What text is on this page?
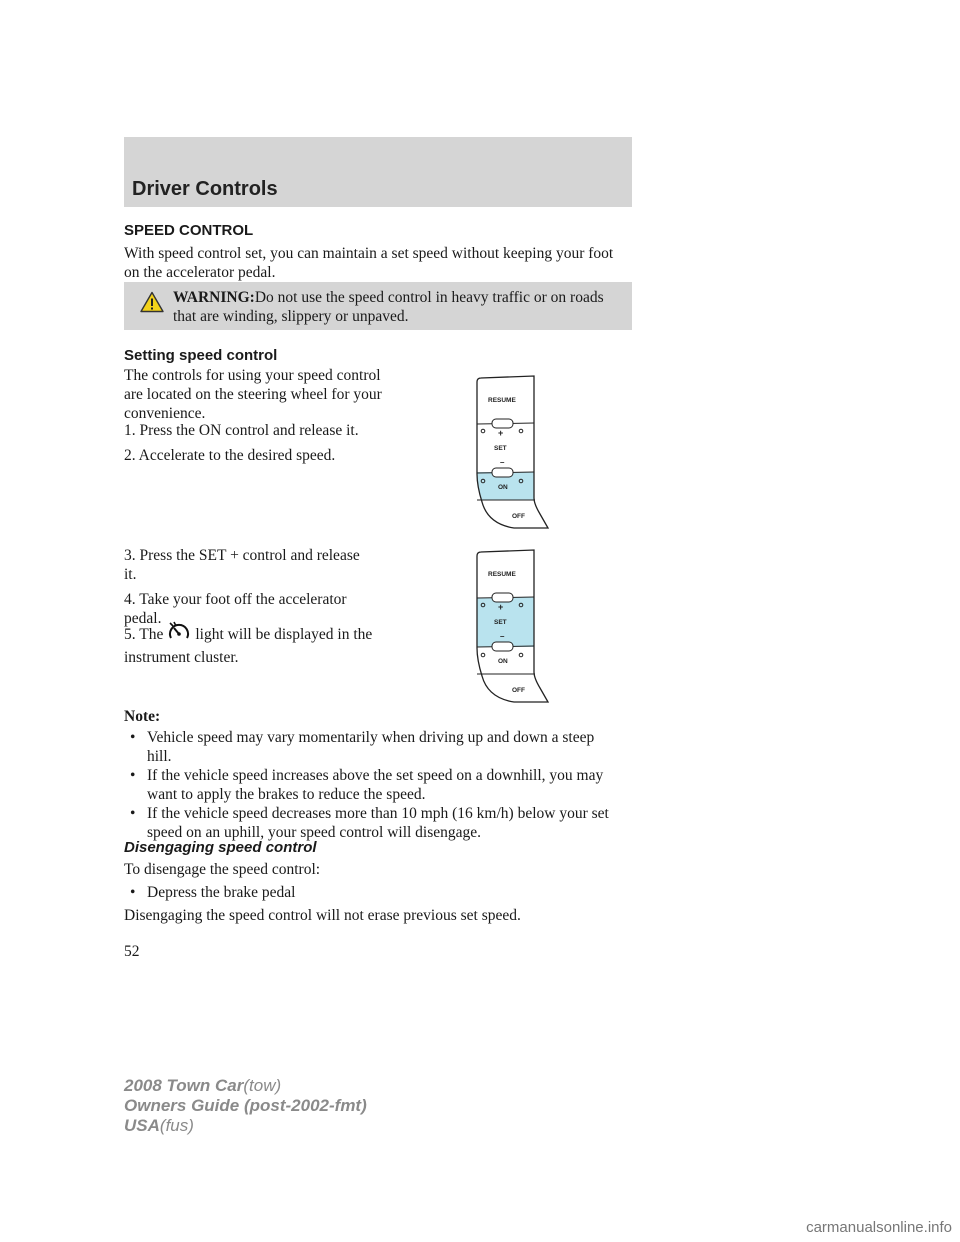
Driver Controls
SPEED CONTROL

With speed control set, you can maintain a set speed without keeping your foot on the accelerator pedal.

WARNING:Do not use the speed control in heavy traffic or on roads that are winding, slippery or unpaved.

Setting speed control

The controls for using your speed control are located on the steering wheel for your convenience.

1. Press the ON control and release it.

2. Accelerate to the desired speed.

3. Press the SET + control and release it.

4. Take your foot off the accelerator pedal.

5. The light will be displayed in the instrument cluster.

RESUME
+
SET
–
ON
OFF
RESUME
+
SET
–
ON
OFF

Note:

• Vehicle speed may vary momentarily when driving up and down a steep hill.
• If the vehicle speed increases above the set speed on a downhill, you may want to apply the brakes to reduce the speed.
• If the vehicle speed decreases more than 10 mph (16 km/h) below your set speed on an uphill, your speed control will disengage.
Disengaging speed control

To disengage the speed control:

• Depress the brake pedal

Disengaging the speed control will not erase previous set speed.

52

2008 Town Car(tow)
Owners Guide (post-2002-fmt)
USA(fus)

carmanualsonline.info
